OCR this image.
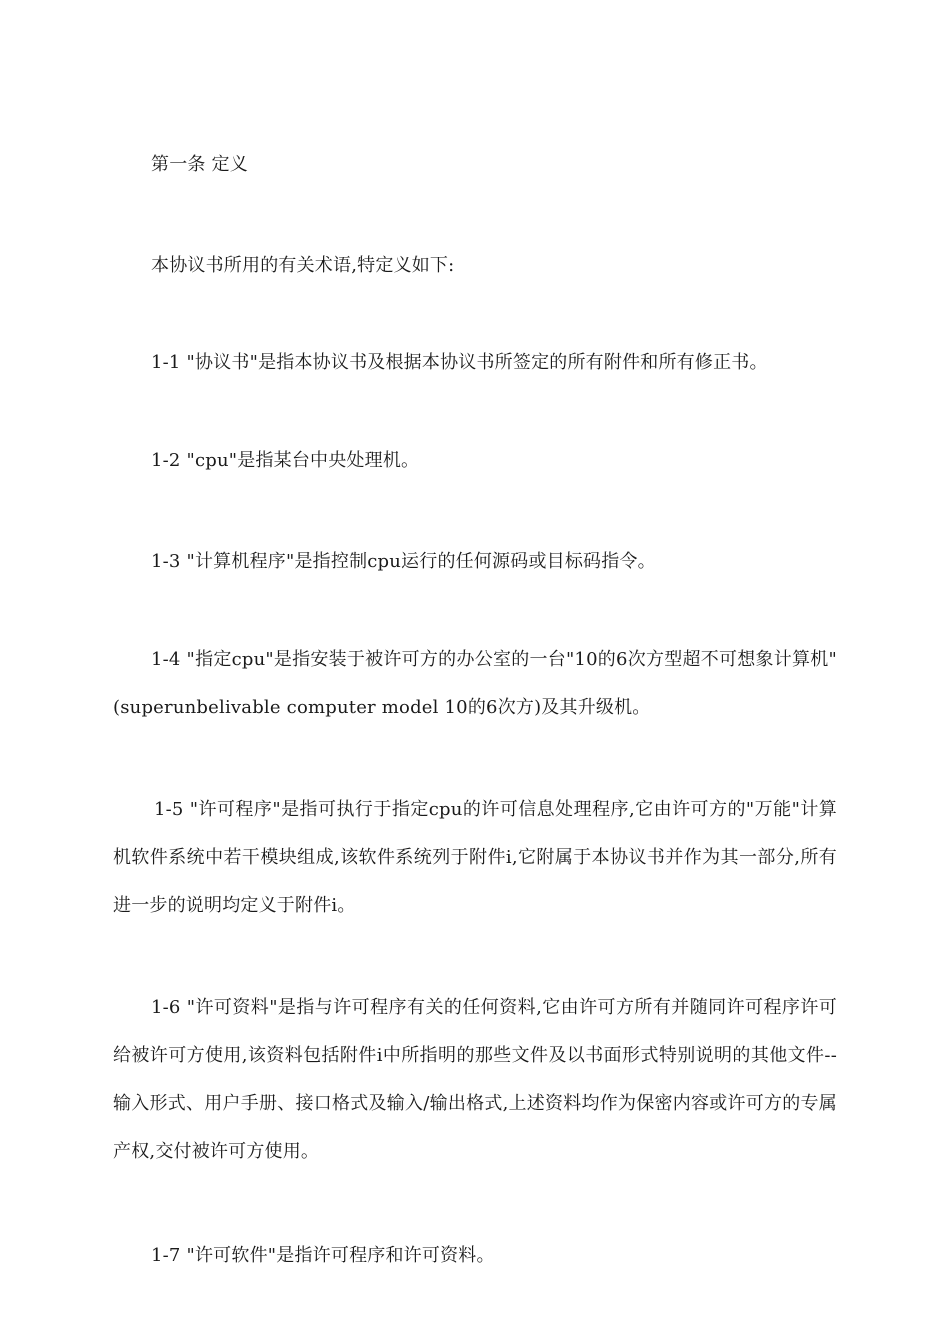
第一条 定义

本协议书所用的有关术语,特定义如下:

1-1 "协议书"是指本协议书及根据本协议书所签定的所有附件和所有修正书。

1-2 "cpu"是指某台中央处理机。

1-3 "计算机程序"是指控制cpu运行的任何源码或目标码指令。

1-4 "指定cpu"是指安装于被许可方的办公室的一台"10的6次方型超不可想象计算机"(superunbelivable computer model 10的6次方)及其升级机。

1-5 "许可程序"是指可执行于指定cpu的许可信息处理程序,它由许可方的"万能"计算机软件系统中若干模块组成,该软件系统列于附件i,它附属于本协议书并作为其一部分,所有进一步的说明均定义于附件i。

1-6 "许可资料"是指与许可程序有关的任何资料,它由许可方所有并随同许可程序许可给被许可方使用,该资料包括附件i中所指明的那些文件及以书面形式特别说明的其他文件--输入形式、用户手册、接口格式及输入/输出格式,上述资料均作为保密内容或许可方的专属产权,交付被许可方使用。

1-7 "许可软件"是指许可程序和许可资料。
